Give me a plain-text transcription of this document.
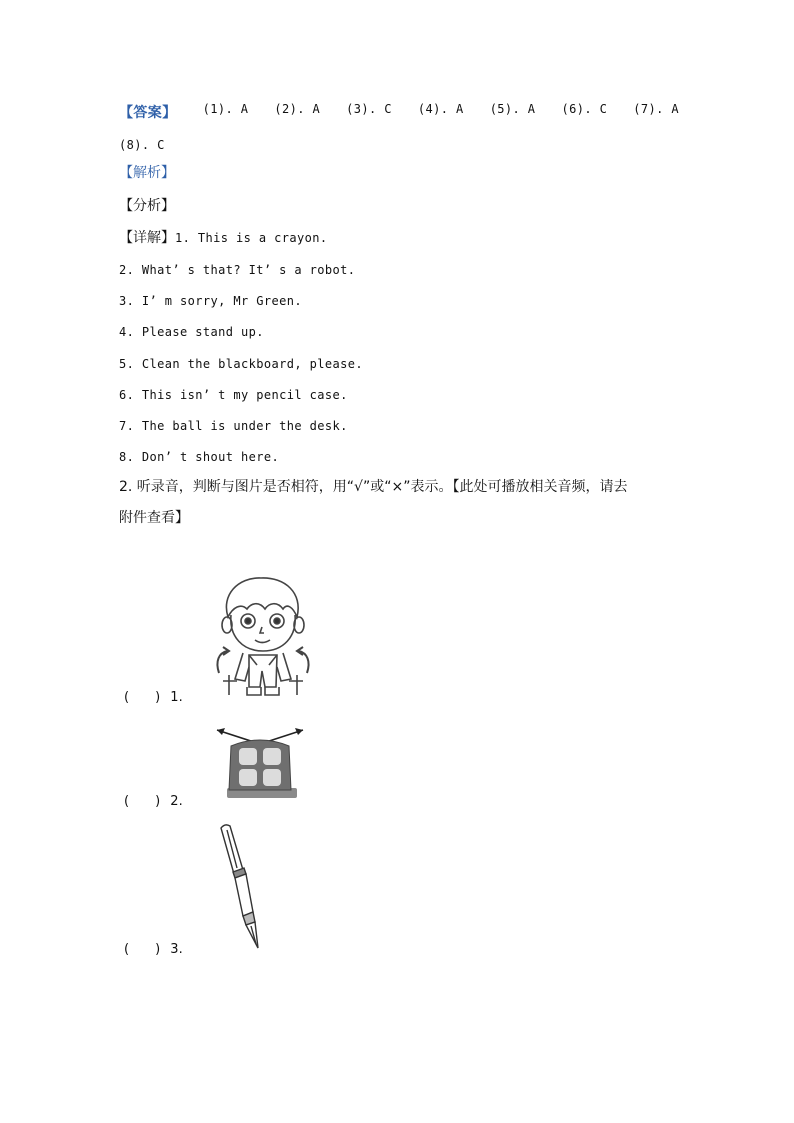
【答案】 (1). A (2). A (3). C (4). A (5). A (6). C (7). A
(8). C
【解析】
【分析】
【详解】1. This is a crayon.
2. What’ s that? It’ s a robot.
3. I’ m sorry, Mr Green.
4. Please stand up.
5. Clean the blackboard, please.
6. This isn’ t my pencil case.
7. The ball is under the desk.
8. Don’ t shout here.
2. 听录音，判断与图片是否相符，用“√”或“×”表示。【此处可播放相关音频，请去
附件查看】
(　　) 1.
(　　) 2.
(　　) 3.
